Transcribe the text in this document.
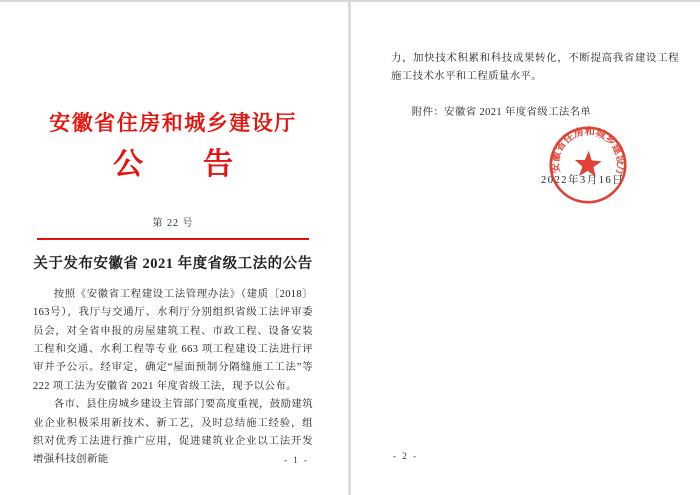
安徽省住房和城乡建设厅
公　　告
第 22 号
关于发布安徽省 2021 年度省级工法的公告

按照《安徽省工程建设工法管理办法》（建质〔2018〕163号），我厅与交通厅、水利厅分别组织省级工法评审委员会，对全省申报的房屋建筑工程、市政工程、设备安装工程和交通、水利工程等专业 663 项工程建设工法进行评审并予公示。经审定，确定“屋面预制分隔缝施工工法”等 222 项工法为安徽省 2021 年度省级工法，现予以公布。

各市、县住房城乡建设主管部门要高度重视，鼓励建筑业企业积极采用新技术、新工艺，及时总结施工经验，组织对优秀工法进行推广应用，促进建筑业企业以工法开发增强科技创新能	- 1 -

力，加快技术积累和科技成果转化，不断提高我省建设工程施工技术水平和工程质量水平。

附件：安徽省 2021 年度省级工法名单
2022年3月16日
安徽省住房和城乡建设厅
- 2 -
